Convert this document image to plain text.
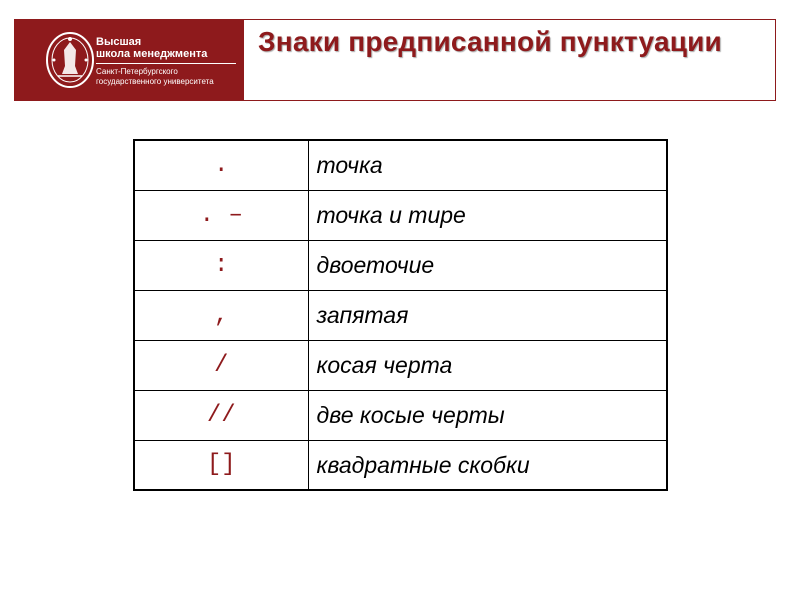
Высшая
школа менеджмента
Санкт-Петербургского
государственного университета
Знаки предписанной пунктуации
.	точка
. –	точка и тире
:	двоеточие
,	запятая
/	косая черта
//	две косые черты
[]	квадратные скобки
